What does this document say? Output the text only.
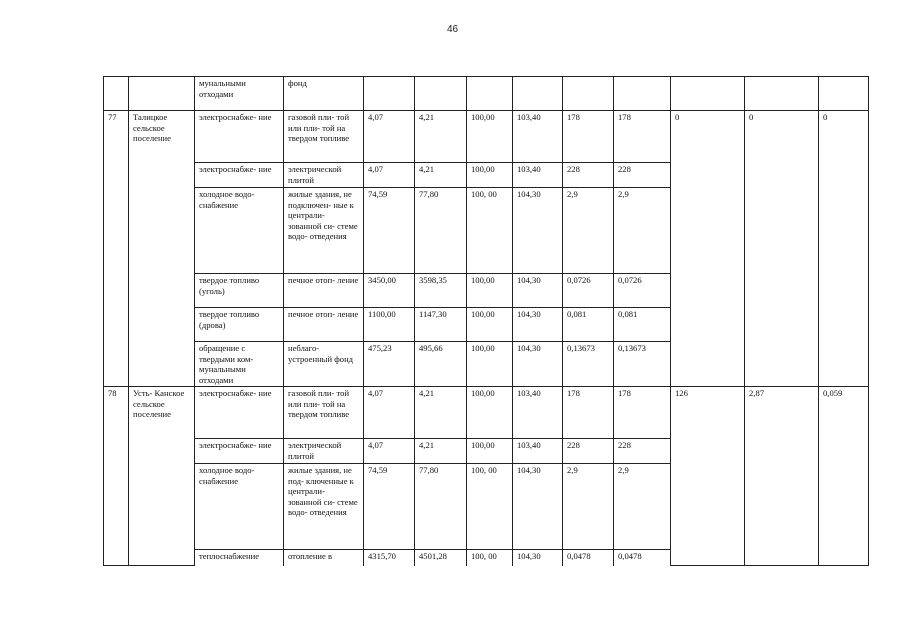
46
		мунальными отходами	фонд									
77	Талицкое сельское поселение	электроснабже- ние	газовой пли- той или пли- той на твердом топливе	4,07	4,21	100,00	103,40	178	178	0	0	0
		электроснабже- ние	электрической плитой	4,07	4,21	100,00	103,40	228	228			
		холодное водо- снабжение	жилые здания, не подключен- ные к централи- зованной си- стеме водо- отведения	74,59	77,80	100, 00	104,30	2,9	2,9			
		твердое топливо (уголь)	печное отоп- ление	3450,00	3598,35	100,00	104,30	0,0726	0,0726			
		твердое топливо (дрова)	печное отоп- ление	1100,00	1147,30	100,00	104,30	0,081	0,081			
		обращение с твердыми ком- мунальными отходами	неблаго- устроенный фонд	475,23	495,66	100,00	104,30	0,13673	0,13673			
78	Усть- Канское сельское поселение	электроснабже- ние	газовой пли- той или пли- той на твердом топливе	4,07	4,21	100,00	103,40	178	178	126	2,87	0,059
		электроснабже- ние	электрической плитой	4,07	4,21	100,00	103,40	228	228			
		холодное водо- снабжение	жилые здания, не под- ключенные к централи- зованной си- стеме водо- отведения	74,59	77,80	100, 00	104,30	2,9	2,9			
		теплоснабжение	отопление в	4315,70	4501,28	100, 00	104,30	0,0478	0,0478			
